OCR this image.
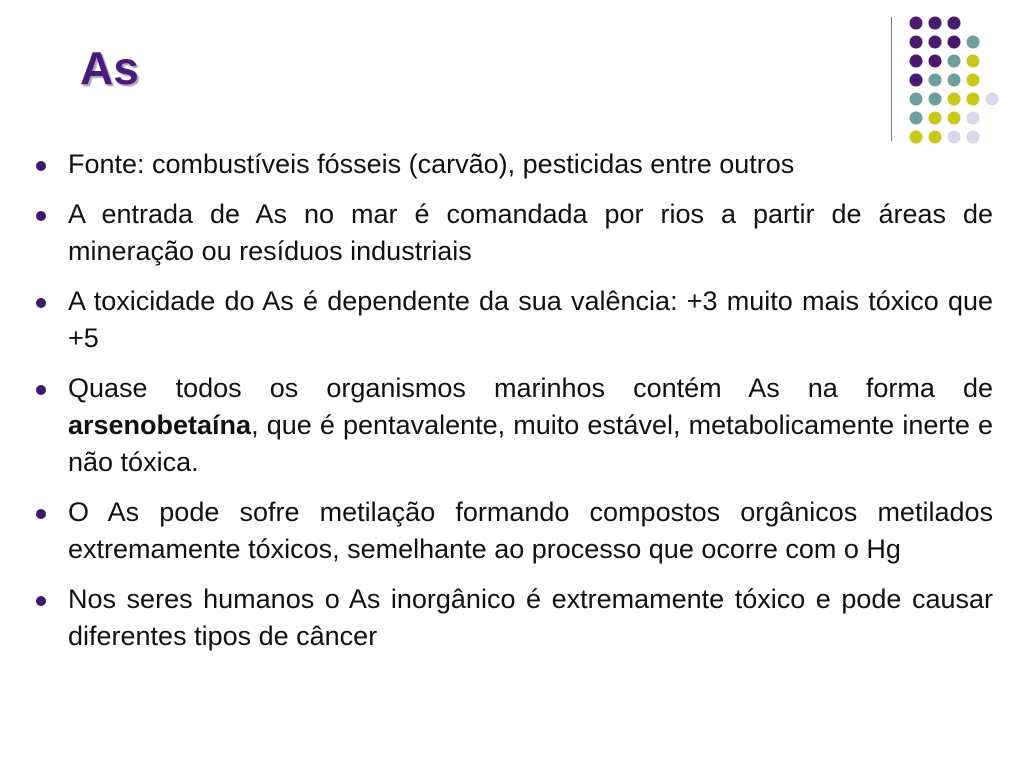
As
Fonte: combustíveis fósseis (carvão), pesticidas entre outros
A entrada de As no mar é comandada por rios a partir de áreas de mineração ou resíduos industriais
A toxicidade do As é dependente da sua valência: +3 muito mais tóxico que +5
Quase todos os organismos marinhos contém As na forma de arsenobetaína, que é pentavalente, muito estável, metabolicamente inerte e não tóxica.
O As pode sofre metilação formando compostos orgânicos metilados extremamente tóxicos, semelhante ao processo que ocorre com o Hg
Nos seres humanos o As inorgânico é extremamente tóxico e pode causar diferentes tipos de câncer
